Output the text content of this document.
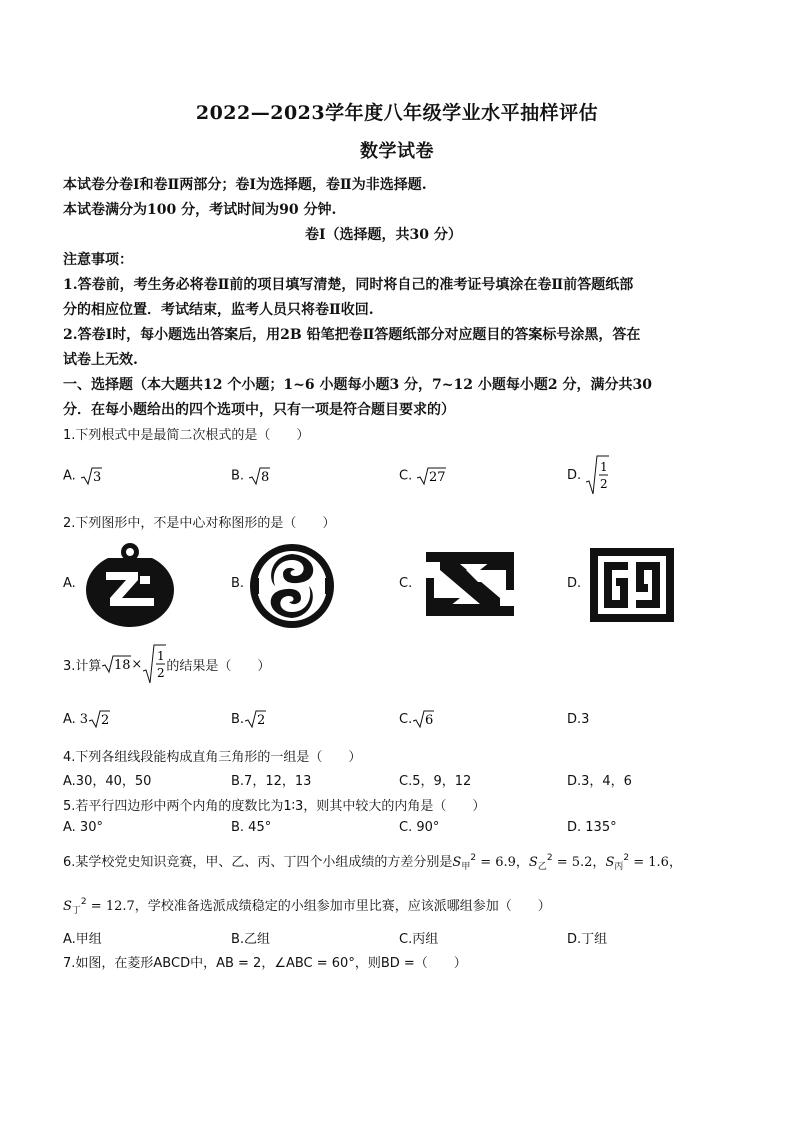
2022—2023学年度八年级学业水平抽样评估
数学试卷
本试卷分卷Ⅰ和卷Ⅱ两部分；卷Ⅰ为选择题，卷Ⅱ为非选择题.
本试卷满分为100 分，考试时间为90 分钟.
卷Ⅰ（选择题，共30 分）
注意事项：
1.答卷前，考生务必将卷Ⅱ前的项目填写清楚，同时将自己的准考证号填涂在卷Ⅱ前答题纸部
分的相应位置．考试结束，监考人员只将卷Ⅱ收回.
2.答卷Ⅰ时，每小题选出答案后，用2B 铅笔把卷Ⅱ答题纸部分对应题目的答案标号涂黑，答在
试卷上无效.
一、选择题（本大题共12 个小题；1~6 小题每小题3 分，7~12 小题每小题2 分，满分共30
分．在每小题给出的四个选项中，只有一项是符合题目要求的）
1.下列根式中是最简二次根式的是（　　）
A. 3	B. 8	C. 27	D.
1
2
2.下列图形中，不是中心对称图形的是（　　）
A.	B.	C.	D.
3.计算 18 ×
1
2 的结果是（　　）
A. 3 2	B. 2	C. 6	D.3
4.下列各组线段能构成直角三角形的一组是（　　）
A.30，40，50	B.7，12，13	C.5，9，12	D.3，4，6
5.若平行四边形中两个内角的度数比为1∶3，则其中较大的内角是（　　）
A. 30°	B. 45°	C. 90°	D. 135°
6.某学校党史知识竞赛，甲、乙、丙、丁四个小组成绩的方差分别是$S_甲^2 = 6.9$，$S_乙^2 = 5.2$，$S_丙^2 = 1.6$，
$S_丁^2 = 12.7$，学校准备选派成绩稳定的小组参加市里比赛，应该派哪组参加（　　）
A.甲组	B.乙组	C.丙组	D.丁组
7.如图，在菱形ABCD中，AB = 2，∠ABC = 60°，则BD =（　　）
